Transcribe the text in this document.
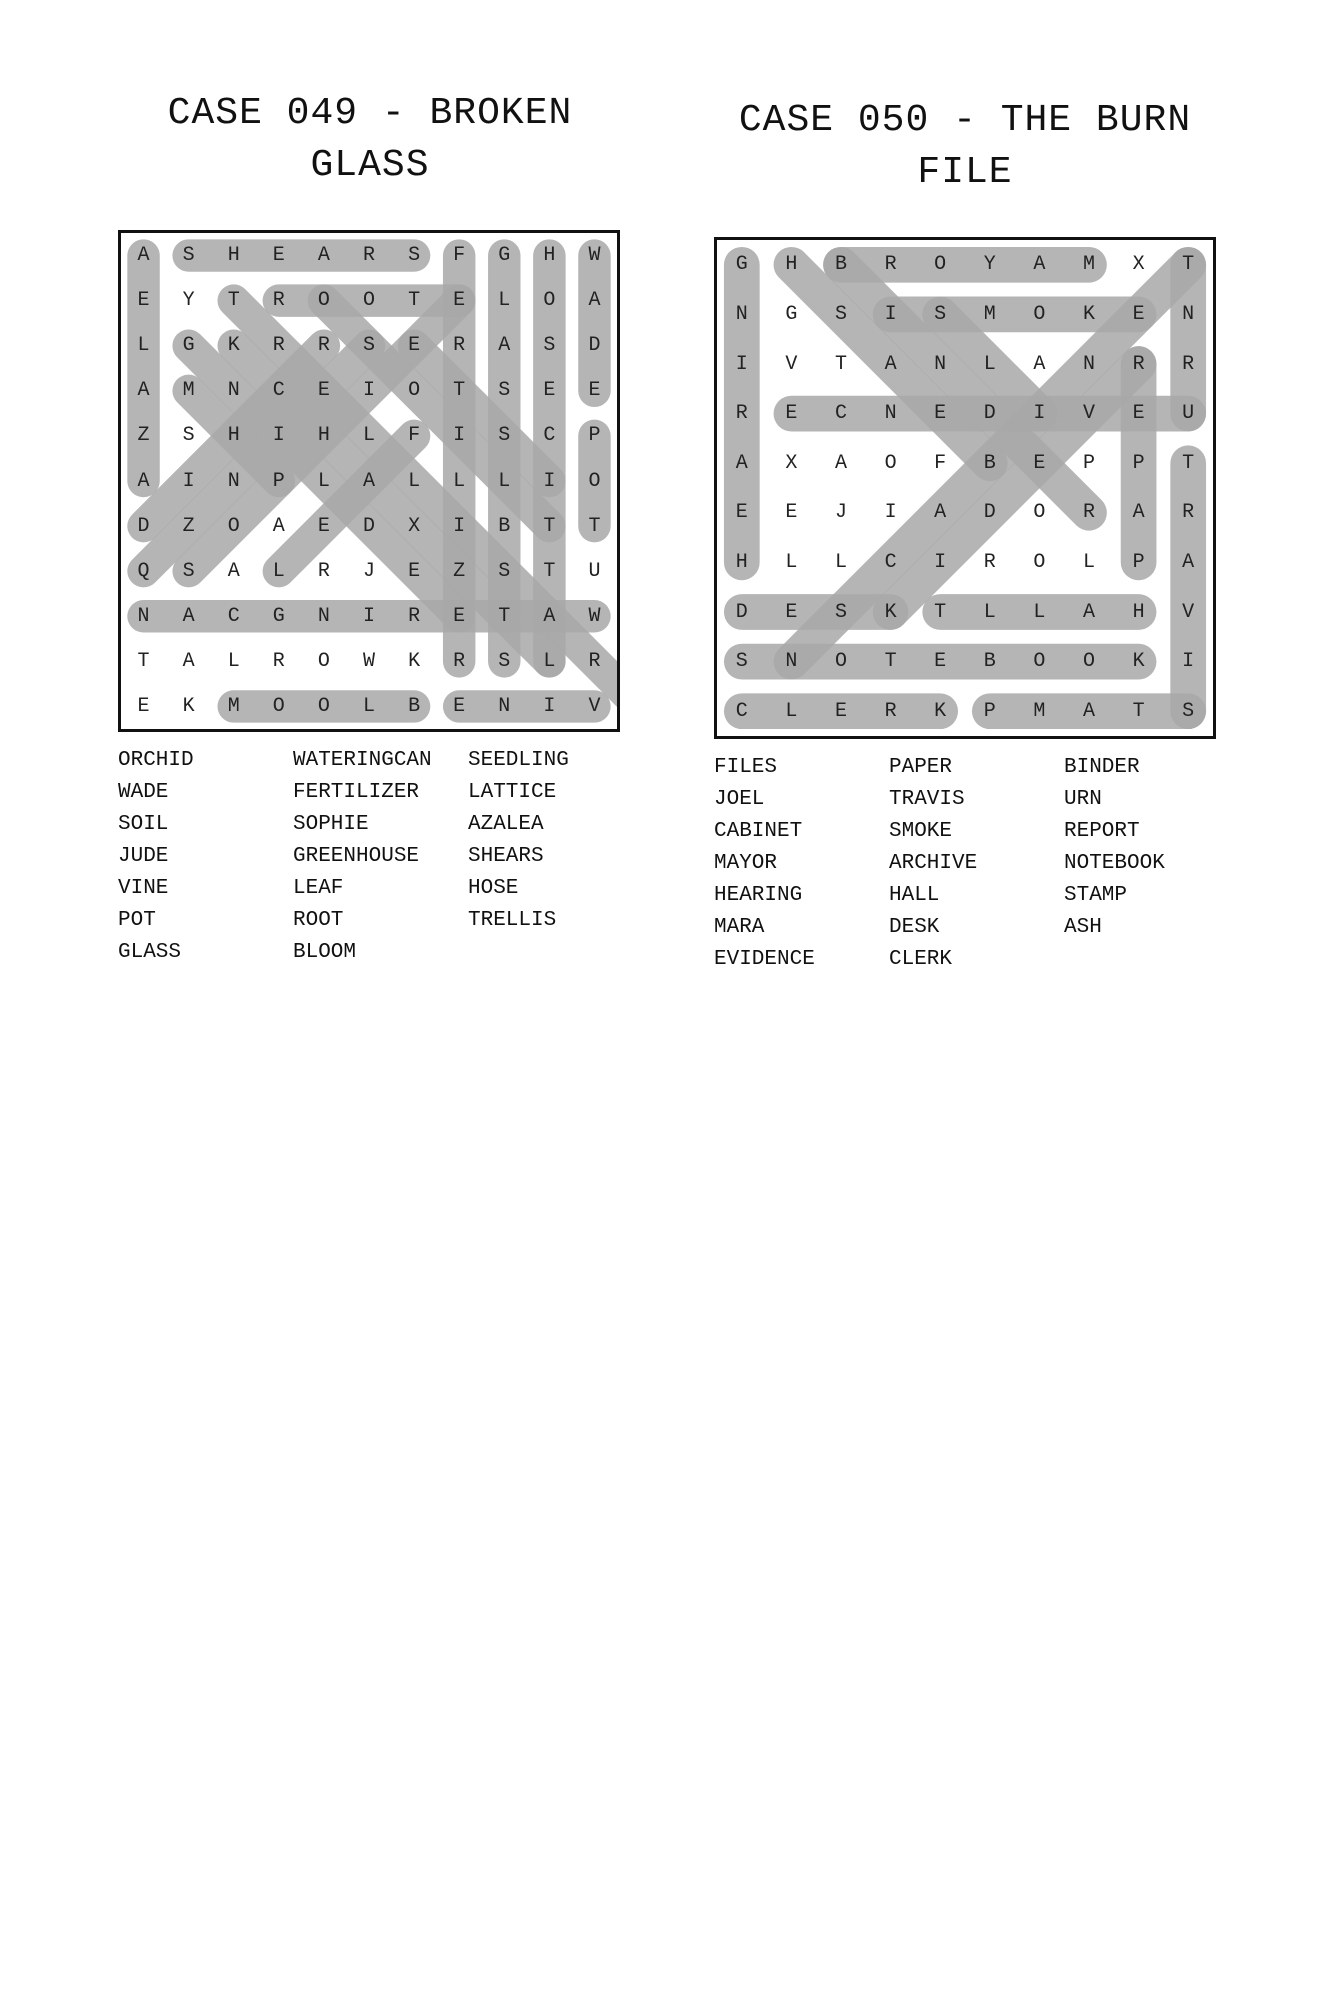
CASE 049 - BROKEN
GLASS
A	S	H	E	A	R	S	F	G	H	W
E	Y	T	R	O	O	T	E	L	O	A
L	G	K	R	R	S	E	R	A	S	D
A	M	N	C	E	I	O	T	S	E	E
Z	S	H	I	H	L	F	I	S	C	P
A	I	N	P	L	A	L	L	L	I	O
D	Z	O	A	E	D	X	I	B	T	T
Q	S	A	L	R	J	E	Z	S	T	U
N	A	C	G	N	I	R	E	T	A	W
T	A	L	R	O	W	K	R	S	L	R
E	K	M	O	O	L	B	E	N	I	V
ORCHID
WADE
SOIL
JUDE
VINE
POT
GLASS
WATERINGCAN
FERTILIZER
SOPHIE
GREENHOUSE
LEAF
ROOT
BLOOM
SEEDLING
LATTICE
AZALEA
SHEARS
HOSE
TRELLIS
CASE 050 - THE BURN
FILE
G	H	B	R	O	Y	A	M	X	T
N	G	S	I	S	M	O	K	E	N
I	V	T	A	N	L	A	N	R	R
R	E	C	N	E	D	I	V	E	U
A	X	A	O	F	B	E	P	P	T
E	E	J	I	A	D	O	R	A	R
H	L	L	C	I	R	O	L	P	A
D	E	S	K	T	L	L	A	H	V
S	N	O	T	E	B	O	O	K	I
C	L	E	R	K	P	M	A	T	S
FILES
JOEL
CABINET
MAYOR
HEARING
MARA
EVIDENCE
PAPER
TRAVIS
SMOKE
ARCHIVE
HALL
DESK
CLERK
BINDER
URN
REPORT
NOTEBOOK
STAMP
ASH
